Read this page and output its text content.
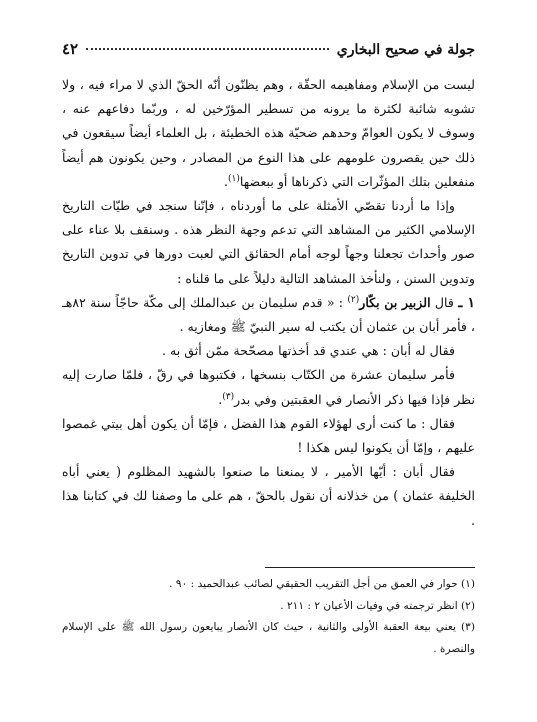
جولة في صحيح البخاري
٤٢

ليست من الإسلام ومفاهيمه الحقّة ، وهم يظنّون أنّه الحقّ الذي لا مراء فيه ، ولا تشوبه شائبة لكثرة ما يرونه من تسطير المؤرّخين له ، وربّما دفاعهم عنه ، وسوف لا يكون العوامّ وحدهم ضحيّة هذه الخطيئة ، بل العلماء أيضاً سيقعون في ذلك حين يقصرون علومهم على هذا النوع من المصادر ، وحين يكونون هم أيضاً منفعلين بتلك المؤثّرات التي ذكرناها أو ببعضها$^{(١)}$.

وإذا ما أردنا تقصّي الأمثلة على ما أوردناه ، فإنّنا سنجد في طيّات التاريخ الإسلامي الكثير من المشاهد التي تدعم وجهة النظر هذه . وسنقف بلا عناء على صور وأحداث تجعلنا وجهاً لوجه أمام الحقائق التي لعبت دورها في تدوين التاريخ وتدوين السنن ، ولنأخذ المشاهد التالية دليلاً على ما قلناه :

١ ـ قال الزبير بن بكّار$^{(٢)}$ : « قدم سليمان بن عبدالملك إلى مكّة حاجّاً سنة ٨٢هـ ، فأمر أبان بن عثمان أن يكتب له سير النبيّ ﷺ ومغازيه .

فقال له أبان : هي عندي قد أخذتها مصحّحة ممّن أثق به .

فأمر سليمان عشرة من الكتّاب بنسخها ، فكتبوها في رقّ ، فلمّا صارت إليه نظر فإذا فيها ذكر الأنصار في العقبتين وفي بدر$^{(٣)}$.

فقال : ما كنت أرى لهؤلاء القوم هذا الفضل ، فإمّا أن يكون أهل بيتي غمصوا عليهم ، وإمّا أن يكونوا ليس هكذا !

فقال أبان : أيّها الأمير ، لا يمنعنا ما صنعوا بالشهيد المظلوم ( يعني أباه الخليفة عثمان ) من خذلانه أن نقول بالحقّ ، هم على ما وصفنا لك في كتابنا هذا .

(١) حوار في العمق من أجل التقريب الحقيقي لصائب عبدالحميد : ٩٠ .

(٢) انظر ترجمته في وفيات الأعيان ٢ : ٢١١ .

(٣) يعني بيعة العقبة الأولى والثانية ، حيث كان الأنصار يبايعون رسول الله ﷺ على الإسلام والنصرة .
